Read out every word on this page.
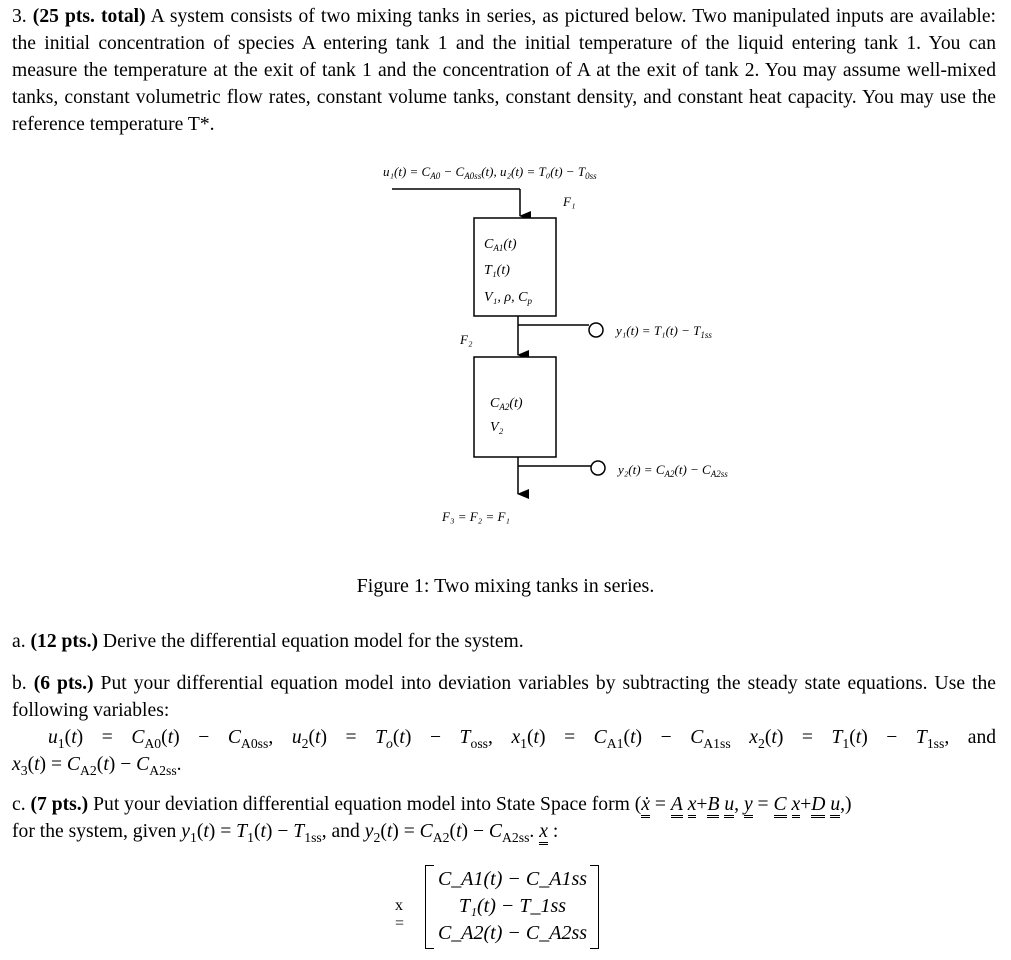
3. (25 pts. total) A system consists of two mixing tanks in series, as pictured below. Two manipulated inputs are available: the initial concentration of species A entering tank 1 and the initial temperature of the liquid entering tank 1. You can measure the temperature at the exit of tank 1 and the concentration of A at the exit of tank 2. You may assume well-mixed tanks, constant volumetric flow rates, constant volume tanks, constant density, and constant heat capacity. You may use the reference temperature T*.
$u_1(t) = C_{A0} - C_{A0ss}(t)$, $u_2(t) = T_0(t) - T_{0ss}$
F₁
$C_{A1}(t)$
T₁(t)
V₁, ρ, $C_p$
$y_1(t) = T_1(t) - T_{1ss}$
F₂
$C_{A2}(t)$
V₂
$y_2(t) = C_{A2}(t) - C_{A2ss}$
F₃ = F₂ = F₁
Figure 1: Two mixing tanks in series.
a. (12 pts.) Derive the differential equation model for the system.
b. (6 pts.) Put your differential equation model into deviation variables by subtracting the steady state equations. Use the following variables:

$u_1(t) = C_{A0}(t) - C_{A0ss}$, $u_2(t) = T_o(t) - T_{oss}$, $x_1(t) = C_{A1}(t) - C_{A1ss}$ $x_2(t) = T_1(t) - T_{1ss}$, and
$x_3(t) = C_{A2}(t) - C_{A2ss}$.
c. (7 pts.) Put your deviation differential equation model into State Space form (ẋ = A x+B u, y = C x+D u,)
for the system, given $y_1(t) = T_1(t) - T_{1ss}$, and $y_2(t) = C_{A2}(t) - C_{A2ss}$. x :
x =
C_A1(t) − C_A1ss
T₁(t) − T_1ss
C_A2(t) − C_A2ss
